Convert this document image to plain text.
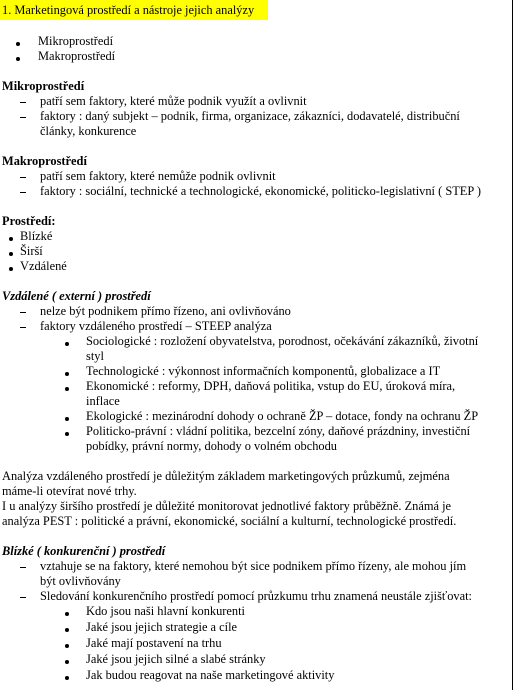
1. Marketingová prostředí a nástroje jejich analýzy
Mikroprostředí
Makroprostředí
Mikroprostředí
patří sem faktory, které může podnik využít a ovlivnit
faktory : daný subjekt – podnik, firma, organizace, zákazníci, dodavatelé, distribuční
články, konkurence
Makroprostředí
patří sem faktory, které nemůže podnik ovlivnit
faktory : sociální, technické a technologické, ekonomické, politicko-legislativní ( STEP )
Prostředí:
Blízké
Širší
Vzdálené
Vzdálené ( externí ) prostředí
nelze být podnikem přímo řízeno, ani ovlivňováno
faktory vzdáleného prostředí – STEEP analýza
Sociologické : rozložení obyvatelstva, porodnost, očekávání zákazníků, životní
styl
Technologické : výkonnost informačních komponentů, globalizace a IT
Ekonomické : reformy, DPH, daňová politika, vstup do EU, úroková míra,
inflace
Ekologické : mezinárodní dohody o ochraně ŽP – dotace, fondy na ochranu ŽP
Politicko-právní : vládní politika, bezcelní zóny, daňové prázdniny, investiční
pobídky, právní normy, dohody o volném obchodu
Analýza vzdáleného prostředí je důležitým základem marketingových průzkumů, zejména
máme-li otevírat nové trhy.
I u analýzy širšího prostředí je důležité monitorovat jednotlivé faktory průběžně. Známá je
analýza PEST : politické a právní, ekonomické, sociální a kulturní, technologické prostředí.
Blízké ( konkurenční ) prostředí
vztahuje se na faktory, které nemohou být sice podnikem přímo řízeny, ale mohou jím
být ovlivňovány
Sledování konkurenčního prostředí pomocí průzkumu trhu znamená neustále zjišťovat:
Kdo jsou naši hlavní konkurenti
Jaké jsou jejich strategie a cíle
Jaké mají postavení na trhu
Jaké jsou jejich silné a slabé stránky
Jak budou reagovat na naše marketingové aktivity
